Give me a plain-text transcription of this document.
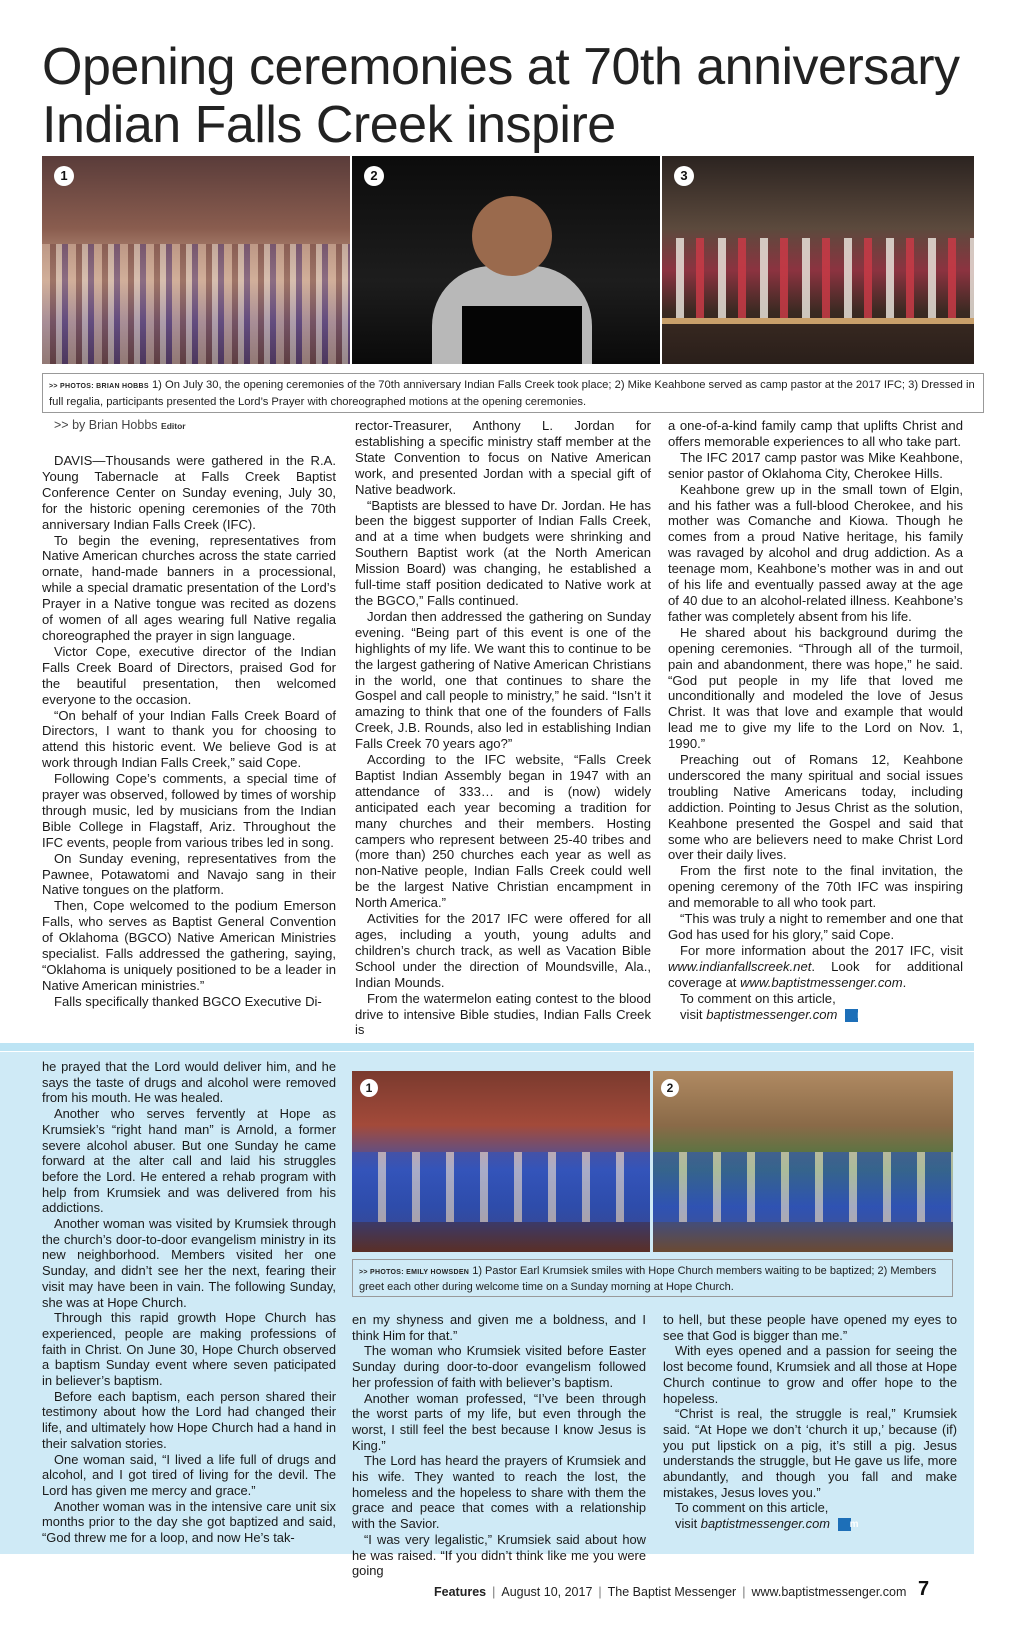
Opening ceremonies at 70th anniversary
Indian Falls Creek inspire
1	2	3
>> PHOTOS: BRIAN HOBBS 1) On July 30, the opening ceremonies of the 70th anniversary Indian Falls Creek took place; 2) Mike Keahbone served as camp pastor at the 2017 IFC; 3) Dressed in full regalia, participants presented the Lord’s Prayer with choreographed motions at the opening ceremonies.
>> by Brian Hobbs Editor

DAVIS—Thousands were gathered in the R.A. Young Tabernacle at Falls Creek Baptist Conference Center on Sunday evening, July 30, for the historic opening ceremonies of the 70th anniversary Indian Falls Creek (IFC).

To begin the evening, representatives from Native American churches across the state carried ornate, hand-made banners in a processional, while a special dramatic presentation of the Lord’s Prayer in a Native tongue was recited as dozens of women of all ages wearing full Native regalia choreographed the prayer in sign language.

Victor Cope, executive director of the Indian Falls Creek Board of Directors, praised God for the beautiful presentation, then welcomed everyone to the occasion.

“On behalf of your Indian Falls Creek Board of Directors, I want to thank you for choosing to attend this historic event. We believe God is at work through Indian Falls Creek,” said Cope.

Following Cope’s comments, a special time of prayer was observed, followed by times of worship through music, led by musicians from the Indian Bible College in Flagstaff, Ariz. Throughout the IFC events, people from various tribes led in song.

On Sunday evening, representatives from the Pawnee, Potawatomi and Navajo sang in their Native tongues on the platform.

Then, Cope welcomed to the podium Emerson Falls, who serves as Baptist General Convention of Oklahoma (BGCO) Native American Ministries specialist. Falls addressed the gathering, saying, “Oklahoma is uniquely positioned to be a leader in Native American ministries.”

Falls specifically thanked BGCO Executive Di-

rector-Treasurer, Anthony L. Jordan for establishing a specific ministry staff member at the State Convention to focus on Native American work, and presented Jordan with a special gift of Native beadwork.

“Baptists are blessed to have Dr. Jordan. He has been the biggest supporter of Indian Falls Creek, and at a time when budgets were shrinking and Southern Baptist work (at the North American Mission Board) was changing, he established a full-time staff position dedicated to Native work at the BGCO,” Falls continued.

Jordan then addressed the gathering on Sunday evening. “Being part of this event is one of the highlights of my life. We want this to continue to be the largest gathering of Native American Christians in the world, one that continues to share the Gospel and call people to ministry,” he said. “Isn’t it amazing to think that one of the founders of Falls Creek, J.B. Rounds, also led in establishing Indian Falls Creek 70 years ago?”

According to the IFC website, “Falls Creek Baptist Indian Assembly began in 1947 with an attendance of 333… and is (now) widely anticipated each year becoming a tradition for many churches and their members. Hosting campers who represent between 25-40 tribes and (more than) 250 churches each year as well as non-Native people, Indian Falls Creek could well be the largest Native Christian encampment in North America.”

Activities for the 2017 IFC were offered for all ages, including a youth, young adults and children’s church track, as well as Vacation Bible School under the direction of Moundsville, Ala., Indian Mounds.

From the watermelon eating contest to the blood drive to intensive Bible studies, Indian Falls Creek is

a one-of-a-kind family camp that uplifts Christ and offers memorable experiences to all who take part.

The IFC 2017 camp pastor was Mike Keahbone, senior pastor of Oklahoma City, Cherokee Hills.

Keahbone grew up in the small town of Elgin, and his father was a full-blood Cherokee, and his mother was Comanche and Kiowa. Though he comes from a proud Native heritage, his family was ravaged by alcohol and drug addiction. As a teenage mom, Keahbone’s mother was in and out of his life and eventually passed away at the age of 40 due to an alcohol-related illness. Keahbone’s father was completely absent from his life.

He shared about his background durimg the opening ceremonies. “Through all of the turmoil, pain and abandonment, there was hope,” he said. “God put people in my life that loved me unconditionally and modeled the love of Jesus Christ. It was that love and example that would lead me to give my life to the Lord on Nov. 1, 1990.”

Preaching out of Romans 12, Keahbone underscored the many spiritual and social issues troubling Native Americans today, including addiction. Pointing to Jesus Christ as the solution, Keahbone presented the Gospel and said that some who are believers need to make Christ Lord over their daily lives.

From the first note to the final invitation, the opening ceremony of the 70th IFC was inspiring and memorable to all who took part.

“This was truly a night to remember and one that God has used for his glory,” said Cope.

For more information about the 2017 IFC, visit www.indianfallscreek.net. Look for additional coverage at www.baptistmessenger.com.

To comment on this article,

visit baptistmessenger.com m

he prayed that the Lord would deliver him, and he says the taste of drugs and alcohol were removed from his mouth. He was healed.

Another who serves fervently at Hope as Krumsiek’s “right hand man” is Arnold, a former severe alcohol abuser. But one Sunday he came forward at the alter call and laid his struggles before the Lord. He entered a rehab program with help from Krumsiek and was delivered from his addictions.

Another woman was visited by Krumsiek through the church’s door-to-door evangelism ministry in its new neighborhood. Members visited her one Sunday, and didn’t see her the next, fearing their visit may have been in vain. The following Sunday, she was at Hope Church.

Through this rapid growth Hope Church has experienced, people are making professions of faith in Christ. On June 30, Hope Church observed a baptism Sunday event where seven paticipated in believer’s baptism.

Before each baptism, each person shared their testimony about how the Lord had changed their life, and ultimately how Hope Church had a hand in their salvation stories.

One woman said, “I lived a life full of drugs and alcohol, and I got tired of living for the devil. The Lord has given me mercy and grace.”

Another woman was in the intensive care unit six months prior to the day she got baptized and said, “God threw me for a loop, and now He’s tak-

1	2
>> PHOTOS: EMILY HOWSDEN 1) Pastor Earl Krumsiek smiles with Hope Church members waiting to be baptized; 2) Members greet each other during welcome time on a Sunday morning at Hope Church.

en my shyness and given me a boldness, and I think Him for that.”

The woman who Krumsiek visited before Easter Sunday during door-to-door evangelism followed her profession of faith with believer’s baptism.

Another woman professed, “I’ve been through the worst parts of my life, but even through the worst, I still feel the best because I know Jesus is King.”

The Lord has heard the prayers of Krumsiek and his wife. They wanted to reach the lost, the homeless and the hopeless to share with them the grace and peace that comes with a relationship with the Savior.

“I was very legalistic,” Krumsiek said about how he was raised. “If you didn’t think like me you were going

to hell, but these people have opened my eyes to see that God is bigger than me.”

With eyes opened and a passion for seeing the lost become found, Krumsiek and all those at Hope Church continue to grow and offer hope to the hopeless.

“Christ is real, the struggle is real,” Krumsiek said. “At Hope we don’t ‘church it up,’ because (if) you put lipstick on a pig, it’s still a pig. Jesus understands the struggle, but He gave us life, more abundantly, and though you fall and make mistakes, Jesus loves you.”

To comment on this article,

visit baptistmessenger.com m

Features | August 10, 2017 | The Baptist Messenger | www.baptistmessenger.com 7
